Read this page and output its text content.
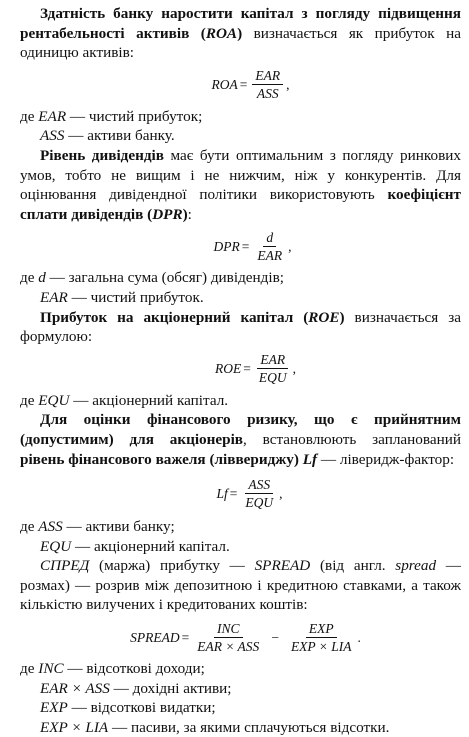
Здатність банку наростити капітал з погляду підвищення рентабельності активів (ROA) визначається як прибуток на одиницю активів:

ROA = $\frac{\text{EAR}}{\text{ASS}}$ ,

де EAR — чистий прибуток;

ASS — активи банку.

Рівень дивідендів має бути оптимальним з погляду ринкових умов, тобто не вищим і не нижчим, ніж у конкурентів. Для оцінювання дивідендної політики використовують коефіцієнт сплати дивідендів (DPR):

DPR = $\frac{d}{\text{EAR}}$ ,

де d — загальна сума (обсяг) дивідендів;

EAR — чистий прибуток.

Прибуток на акціонерний капітал (ROE) визначається за формулою:

ROE = $\frac{\text{EAR}}{\text{EQU}}$ ,

де EQU — акціонерний капітал.

Для оцінки фінансового ризику, що є прийнятним (допустимим) для акціонерів, встановлюють запланований рівень фінансового важеля (ліввериджу) Lf — ліверидж-фактор:

$Lf = \frac{\text{ASS}}{\text{EQU}}$ ,

де ASS — активи банку;

EQU — акціонерний капітал.

СПРЕД (маржа) прибутку — SPREAD (від англ. spread — розмах) — розрив між депозитною і кредитною ставками, а також кількістю вилучених і кредитованих коштів:

SPREAD = $\frac{\text{INC}}{\text{EAR × ASS}} - \frac{\text{EXP}}{\text{EXP × LIA}}$ .

де INC — відсоткові доходи;

EAR × ASS — дохідні активи;

EXP — відсоткові видатки;

EXP × LIA — пасиви, за якими сплачуються відсотки.
